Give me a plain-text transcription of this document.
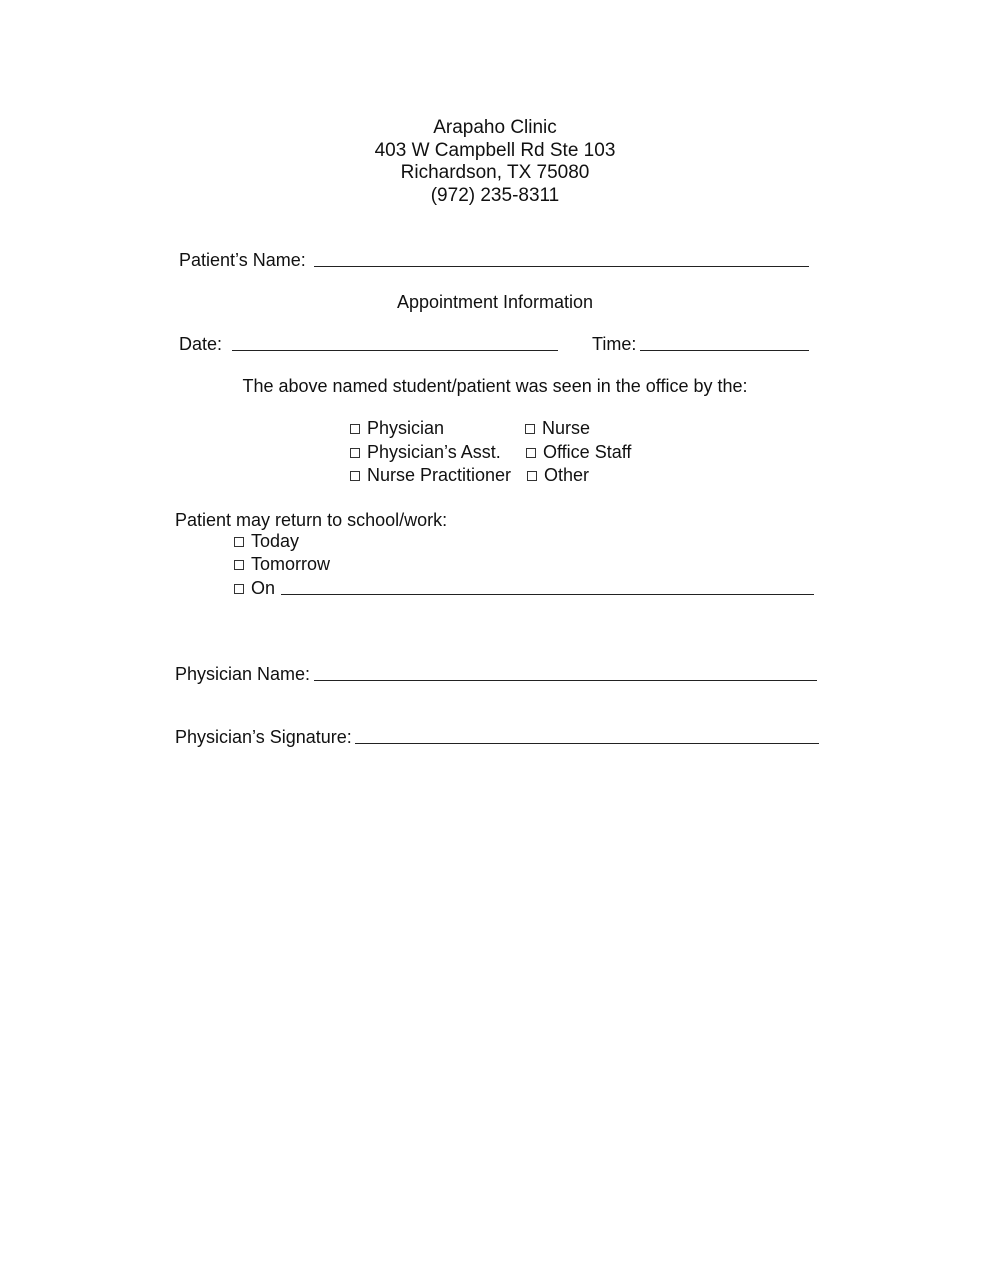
Arapaho Clinic
403 W Campbell Rd Ste 103
Richardson, TX 75080
(972) 235-8311
Patient’s Name:
Appointment Information
Date:	Time:
The above named student/patient was seen in the office by the:
Physician	Nurse
Physician’s Asst.	Office Staff
Nurse Practitioner	Other
Patient may return to school/work:
Today
Tomorrow
On
Physician Name:
Physician’s Signature:
